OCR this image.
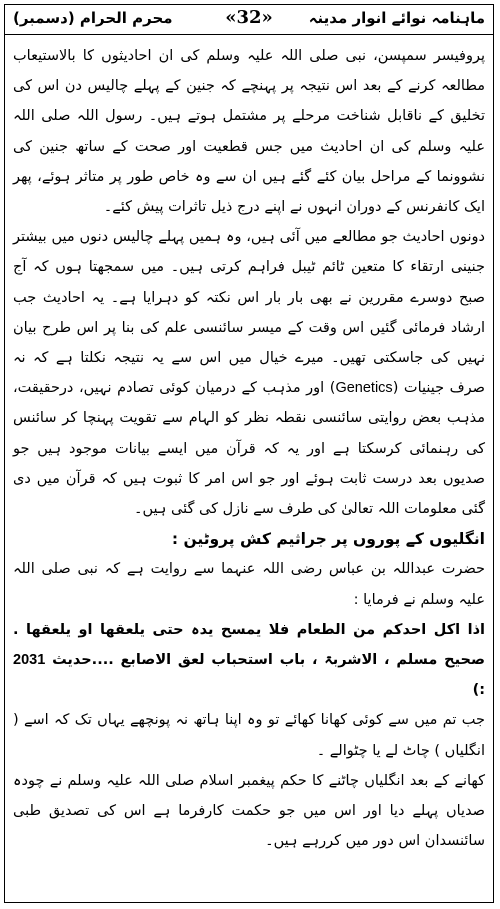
محرم الحرام (دسمبر)	«32» ماہنامہ نوائے انوار مدینہ

پروفیسر سمپسن، نبی صلی اللہ علیہ وسلم کی ان احادیثوں کا بالاستیعاب مطالعہ کرنے کے بعد اس نتیجہ پر پہنچے کہ جنین کے پہلے چالیس دن اس کی تخلیق کے ناقابل شناخت مرحلے پر مشتمل ہوتے ہیں۔ رسول اللہ صلی اللہ علیہ وسلم کی ان احادیث میں جس قطعیت اور صحت کے ساتھ جنین کی نشوونما کے مراحل بیان کئے گئے ہیں ان سے وہ خاص طور پر متاثر ہوئے، پھر ایک کانفرنس کے دوران انہوں نے اپنے درج ذیل تاثرات پیش کئے۔

دونوں احادیث جو مطالعے میں آئی ہیں، وہ ہمیں پہلے چالیس دنوں میں بیشتر جنینی ارتقاء کا متعین ٹائم ٹیبل فراہم کرتی ہیں۔ میں سمجھتا ہوں کہ آج صبح دوسرے مقررین نے بھی بار بار اس نکتہ کو دہرایا ہے۔ یہ احادیث جب ارشاد فرمائی گئیں اس وقت کے میسر سائنسی علم کی بنا پر اس طرح بیان نہیں کی جاسکتی تھیں۔ میرے خیال میں اس سے یہ نتیجہ نکلتا ہے کہ نہ صرف جینیات (Genetics) اور مذہب کے درمیان کوئی تصادم نہیں، درحقیقت، مذہب بعض روایتی سائنسی نقطہ نظر کو الہام سے تقویت پہنچا کر سائنس کی رہنمائی کرسکتا ہے اور یہ کہ قرآن میں ایسے بیانات موجود ہیں جو صدیوں بعد درست ثابت ہوئے اور جو اس امر کا ثبوت ہیں کہ قرآن میں دی گئی معلومات اللہ تعالیٰ کی طرف سے نازل کی گئی ہیں۔

انگلیوں کے پوروں پر جراثیم کش پروٹین :

حضرت عبداللہ بن عباس رضی اللہ عنہما سے روایت ہے کہ نبی صلی اللہ علیہ وسلم نے فرمایا :

اذا اکل احدکم من الطعام فلا یمسح یدہ حتی یلعقھا او یلعقھا . صحیح مسلم ، الاشربۃ ، باب استحباب لعق الاصابع ....حدیث 2031 :)

جب تم میں سے کوئی کھانا کھائے تو وہ اپنا ہاتھ نہ پونچھے یہاں تک کہ اسے ( انگلیاں ) چاٹ لے یا چٹوالے ۔

کھانے کے بعد انگلیاں چاٹنے کا حکم پیغمبر اسلام صلی اللہ علیہ وسلم نے چودہ صدیاں پہلے دیا اور اس میں جو حکمت کارفرما ہے اس کی تصدیق طبی سائنسدان اس دور میں کررہے ہیں۔
